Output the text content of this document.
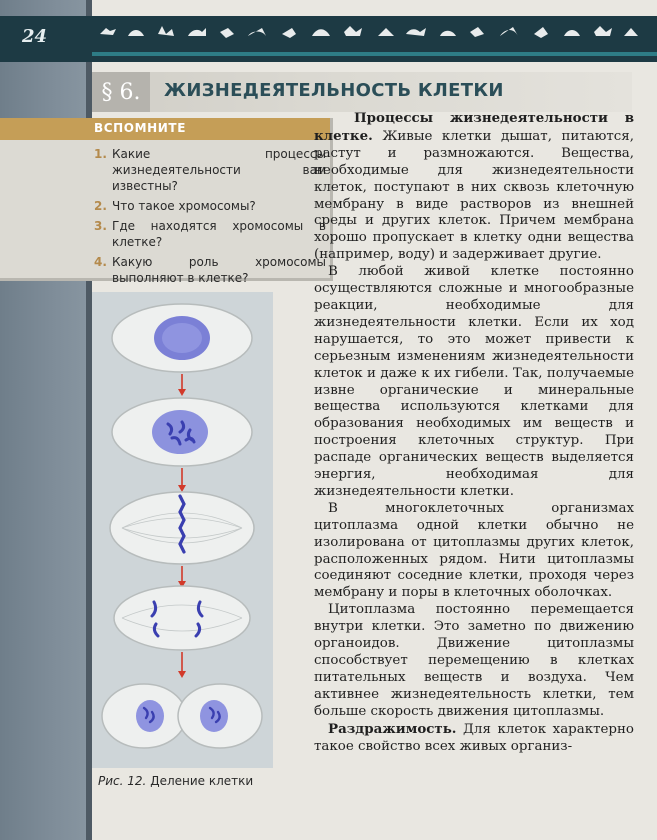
24
§ 6.	ЖИЗНЕДЕЯТЕЛЬНОСТЬ КЛЕТКИ
ВСПОМНИТЕ
1. Какие процессы жизнедеятельности вам известны?
2. Что такое хромосомы?
3. Где находятся хромосомы в клетке?
4. Какую роль хромосомы выполняют в клетке?
Рис. 12. Деление клетки

Процессы жизнедеятельности в клетке. Живые клетки дышат, питаются, растут и размножаются. Вещества, необходимые для жизнедеятельности клеток, поступают в них сквозь клеточную мембрану в виде растворов из внешней среды и других клеток. Причем мембрана хорошо пропускает в клетку одни вещества (например, воду) и задерживает другие.

В любой живой клетке постоянно осуществляются сложные и многообразные реакции, необходимые для жизнедеятельности клетки. Если их ход нарушается, то это может привести к серьезным изменениям жизнедеятельности клеток и даже к их гибели. Так, получаемые извне органические и минеральные вещества используются клетками для образования необходимых им веществ и построения клеточных структур. При распаде органических веществ выделяется энергия, необходимая для жизнедеятельности клетки.

В многоклеточных организмах цитоплазма одной клетки обычно не изолирована от цитоплазмы других клеток, расположенных рядом. Нити цитоплазмы соединяют соседние клетки, проходя через мембрану и поры в клеточных оболочках.

Цитоплазма постоянно перемещается внутри клетки. Это заметно по движению органоидов. Движение цитоплазмы способствует перемещению в клетках питательных веществ и воздуха. Чем активнее жизнедеятельность клетки, тем больше скорость движения цитоплазмы.

Раздражимость. Для клеток характерно такое свойство всех живых организ-
